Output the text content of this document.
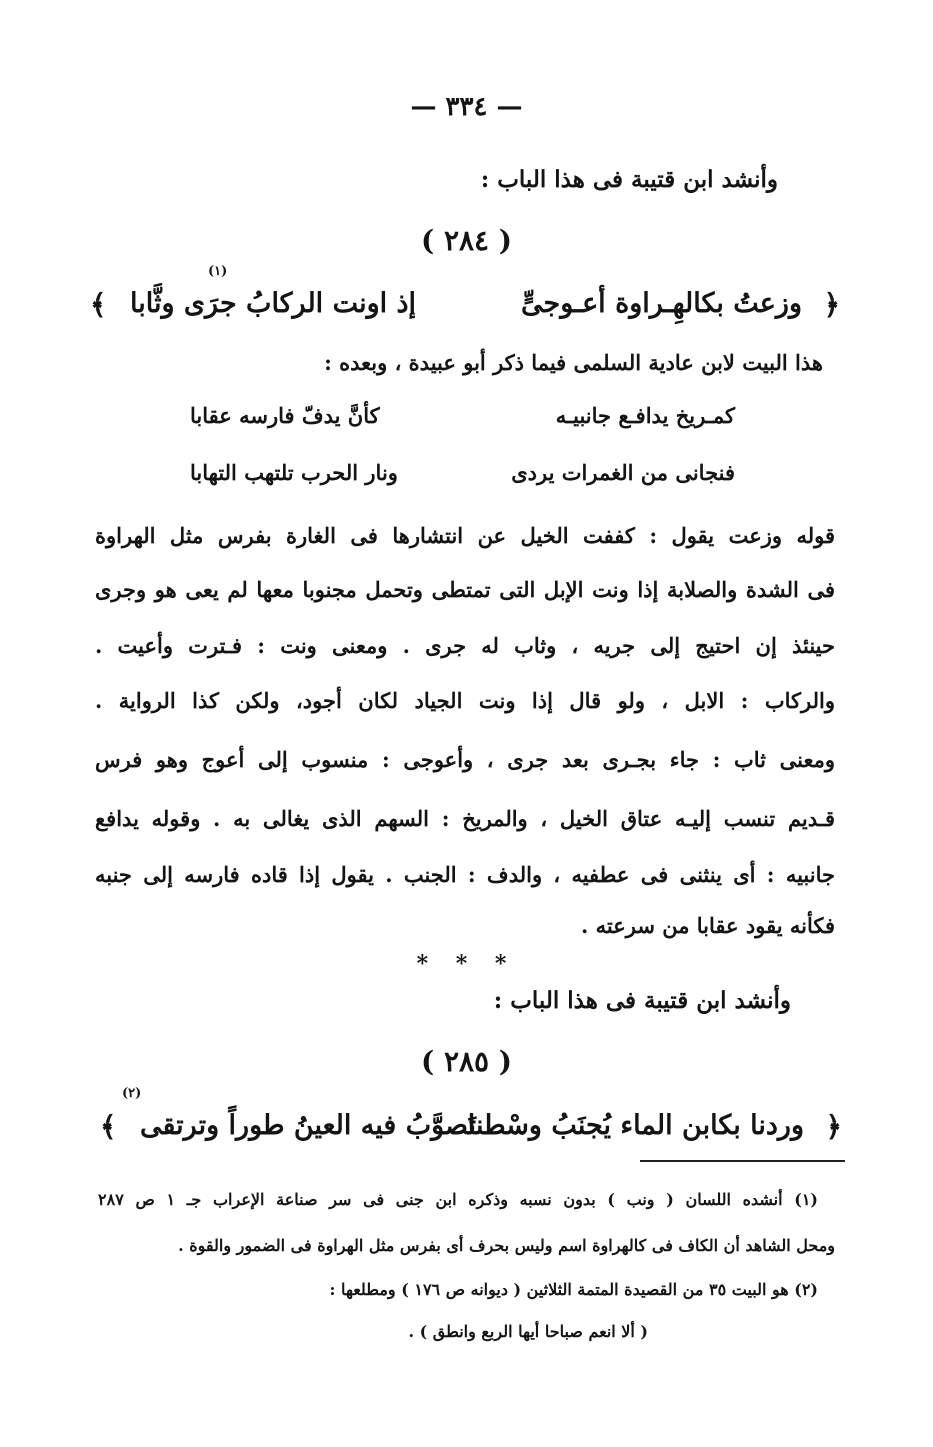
— ٣٣٤ —
وأنشد ابن قتيبة فى هذا الباب :
( ٢٨٤ )
﴿
وزعتُ بكالهِـراوة أعـوجىٍّ
إذ اونت الركابُ جرَى وثَّابا
(١)
﴾
هذا البيت لابن عادية السلمى فيما ذكر أبو عبيدة ، وبعده :
كمـريخ يدافـع جانبيـه
كأنَّ يدفّ فارسه عقابا
فنجانى من الغمرات يردى
ونار الحرب تلتهب التهابا
قوله وزعت يقول : كففت الخيل عن انتشارها فى الغارة بفرس مثل الهراوة
فى الشدة والصلابة إذا ونت الإبل التى تمتطى وتحمل مجنوبا معها لم يعى هو وجرى
حينئذ إن احتيج إلى جريه ، وثاب له جرى . ومعنى ونت : فـترت وأعيت .
والركاب : الابل ، ولو قال إذا ونت الجياد لكان أجود، ولكن كذا الرواية .
ومعنى ثاب : جاء بجـرى بعد جرى ، وأعوجى : منسوب إلى أعوج وهو فرس
قـديم تنسب إليـه عتاق الخيل ، والمريخ : السهم الذى يغالى به . وقوله يدافع
جانبيه : أى ينثنى فى عطفيه ، والدف : الجنب . يقول إذا قاده فارسه إلى جنبه
فكأنه يقود عقابا من سرعته .
* * *
وأنشد ابن قتيبة فى هذا الباب :
( ٢٨٥ )
﴿
وردنا بكابن الماء يُجنَبُ وسْطنا
تَصوَّبُ فيه العينُ طوراً وترتقى
(٢)
﴾
(١) أنشده اللسان ( ونب ) بدون نسبه وذكره ابن جنى فى سر صناعة الإعراب جـ ١ ص ٢٨٧
ومحل الشاهد أن الكاف فى كالهراوة اسم وليس بحرف أى بفرس مثل الهراوة فى الضمور والقوة .
(٢) هو البيت ٣٥ من القصيدة المتمة الثلاثين ( ديوانه ص ١٧٦ ) ومطلعها :
( ألا انعم صباحا أيها الربع وانطق ) .
